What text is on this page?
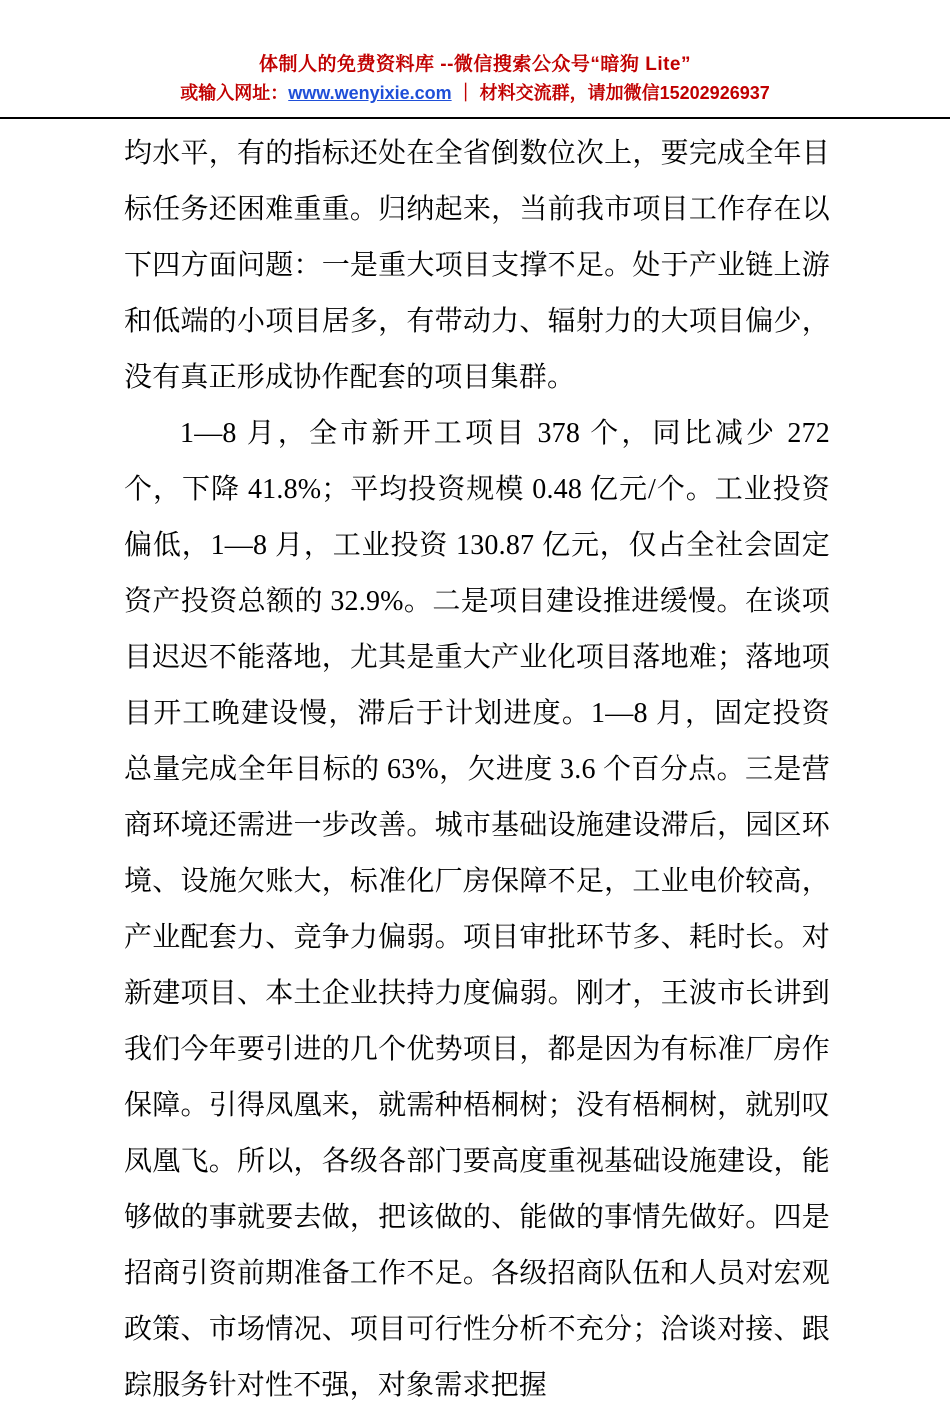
体制人的免费资料库 --微信搜索公众号“暗狗 Lite”
或输入网址：www.wenyixie.com ｜ 材料交流群，请加微信15202926937

均水平，有的指标还处在全省倒数位次上，要完成全年目标任务还困难重重。归纳起来，当前我市项目工作存在以下四方面问题：一是重大项目支撑不足。处于产业链上游和低端的小项目居多，有带动力、辐射力的大项目偏少，没有真正形成协作配套的项目集群。

1—8 月，全市新开工项目 378 个，同比减少 272 个，下降 41.8%；平均投资规模 0.48 亿元/个。工业投资偏低，1—8 月，工业投资 130.87 亿元，仅占全社会固定资产投资总额的 32.9%。二是项目建设推进缓慢。在谈项目迟迟不能落地，尤其是重大产业化项目落地难；落地项目开工晚建设慢，滞后于计划进度。1—8 月，固定投资总量完成全年目标的 63%，欠进度 3.6 个百分点。三是营商环境还需进一步改善。城市基础设施建设滞后，园区环境、设施欠账大，标准化厂房保障不足，工业电价较高，产业配套力、竞争力偏弱。项目审批环节多、耗时长。对新建项目、本土企业扶持力度偏弱。刚才，王波市长讲到我们今年要引进的几个优势项目，都是因为有标准厂房作保障。引得凤凰来，就需种梧桐树；没有梧桐树，就别叹凤凰飞。所以，各级各部门要高度重视基础设施建设，能够做的事就要去做，把该做的、能做的事情先做好。四是招商引资前期准备工作不足。各级招商队伍和人员对宏观政策、市场情况、项目可行性分析不充分；洽谈对接、跟踪服务针对性不强，对象需求把握
